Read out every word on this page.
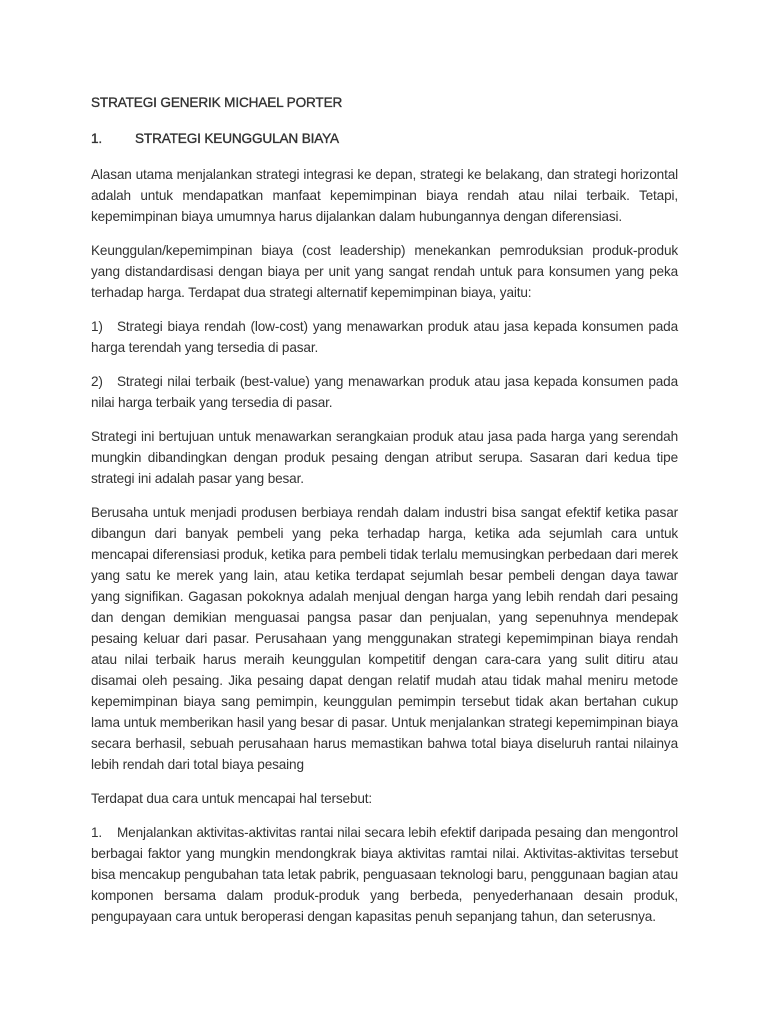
STRATEGI GENERIK MICHAEL PORTER
1.	STRATEGI KEUNGGULAN BIAYA

Alasan utama menjalankan strategi integrasi ke depan, strategi ke belakang, dan strategi horizontal adalah untuk mendapatkan manfaat kepemimpinan biaya rendah atau nilai terbaik. Tetapi, kepemimpinan biaya umumnya harus dijalankan dalam hubungannya dengan diferensiasi.

Keunggulan/kepemimpinan biaya (cost leadership) menekankan pemroduksian produk-produk yang distandardisasi dengan biaya per unit yang sangat rendah untuk para konsumen yang peka terhadap harga. Terdapat dua strategi alternatif kepemimpinan biaya, yaitu:

1) Strategi biaya rendah (low-cost) yang menawarkan produk atau jasa kepada konsumen pada harga terendah yang tersedia di pasar.

2) Strategi nilai terbaik (best-value) yang menawarkan produk atau jasa kepada konsumen pada nilai harga terbaik yang tersedia di pasar.

Strategi ini bertujuan untuk menawarkan serangkaian produk atau jasa pada harga yang serendah mungkin dibandingkan dengan produk pesaing dengan atribut serupa. Sasaran dari kedua tipe strategi ini adalah pasar yang besar.

Berusaha untuk menjadi produsen berbiaya rendah dalam industri bisa sangat efektif ketika pasar dibangun dari banyak pembeli yang peka terhadap harga, ketika ada sejumlah cara untuk mencapai diferensiasi produk, ketika para pembeli tidak terlalu memusingkan perbedaan dari merek yang satu ke merek yang lain, atau ketika terdapat sejumlah besar pembeli dengan daya tawar yang signifikan. Gagasan pokoknya adalah menjual dengan harga yang lebih rendah dari pesaing dan dengan demikian menguasai pangsa pasar dan penjualan, yang sepenuhnya mendepak pesaing keluar dari pasar. Perusahaan yang menggunakan strategi kepemimpinan biaya rendah atau nilai terbaik harus meraih keunggulan kompetitif dengan cara-cara yang sulit ditiru atau disamai oleh pesaing. Jika pesaing dapat dengan relatif mudah atau tidak mahal meniru metode kepemimpinan biaya sang pemimpin, keunggulan pemimpin tersebut tidak akan bertahan cukup lama untuk memberikan hasil yang besar di pasar. Untuk menjalankan strategi kepemimpinan biaya secara berhasil, sebuah perusahaan harus memastikan bahwa total biaya diseluruh rantai nilainya lebih rendah dari total biaya pesaing

Terdapat dua cara untuk mencapai hal tersebut:

1. Menjalankan aktivitas-aktivitas rantai nilai secara lebih efektif daripada pesaing dan mengontrol berbagai faktor yang mungkin mendongkrak biaya aktivitas ramtai nilai. Aktivitas-aktivitas tersebut bisa mencakup pengubahan tata letak pabrik, penguasaan teknologi baru, penggunaan bagian atau komponen bersama dalam produk-produk yang berbeda, penyederhanaan desain produk, pengupayaan cara untuk beroperasi dengan kapasitas penuh sepanjang tahun, dan seterusnya.
